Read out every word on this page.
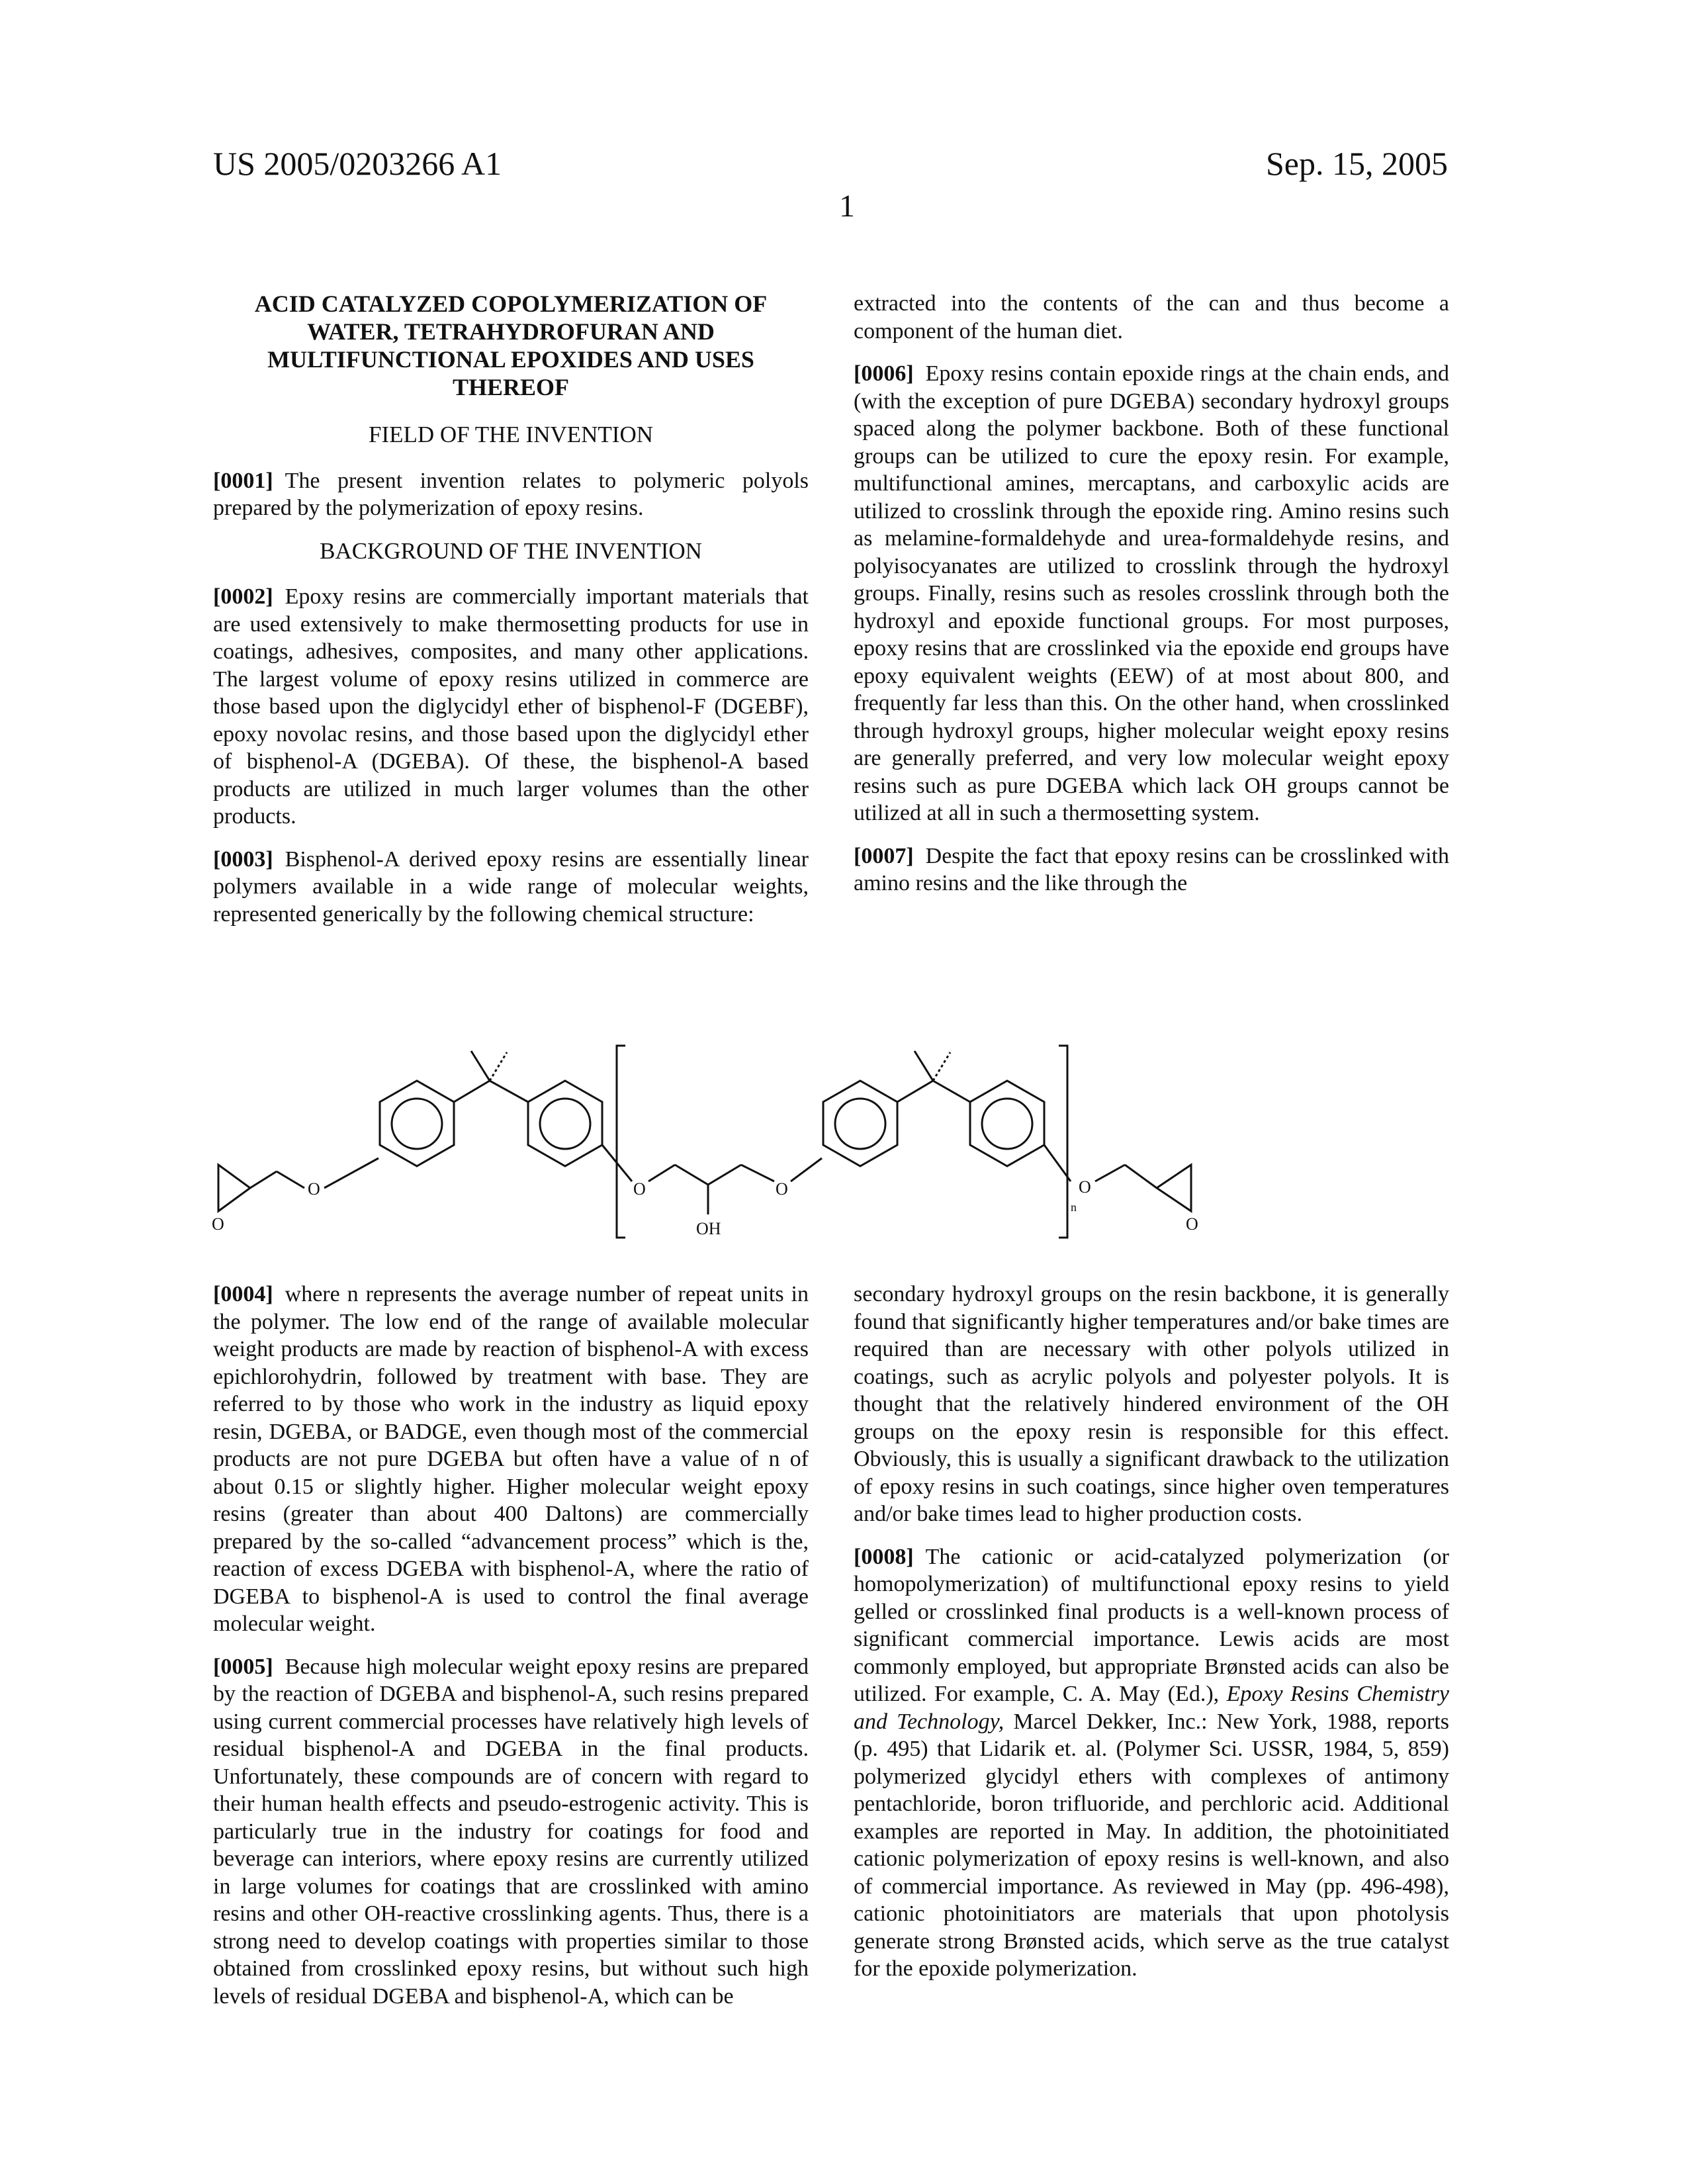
US 2005/0203266 A1	Sep. 15, 2005
1
ACID CATALYZED COPOLYMERIZATION OF WATER, TETRAHYDROFURAN AND MULTIFUNCTIONAL EPOXIDES AND USES THEREOF
FIELD OF THE INVENTION

[0001] The present invention relates to polymeric polyols prepared by the polymerization of epoxy resins.

BACKGROUND OF THE INVENTION

[0002] Epoxy resins are commercially important materials that are used extensively to make thermosetting products for use in coatings, adhesives, composites, and many other applications. The largest volume of epoxy resins utilized in commerce are those based upon the diglycidyl ether of bisphenol-F (DGEBF), epoxy novolac resins, and those based upon the diglycidyl ether of bisphenol-A (DGEBA). Of these, the bisphenol-A based products are utilized in much larger volumes than the other products.

[0003] Bisphenol-A derived epoxy resins are essentially linear polymers available in a wide range of molecular weights, represented generically by the following chemical structure:

extracted into the contents of the can and thus become a component of the human diet.

[0006] Epoxy resins contain epoxide rings at the chain ends, and (with the exception of pure DGEBA) secondary hydroxyl groups spaced along the polymer backbone. Both of these functional groups can be utilized to cure the epoxy resin. For example, multifunctional amines, mercaptans, and carboxylic acids are utilized to crosslink through the epoxide ring. Amino resins such as melamine-formaldehyde and urea-formaldehyde resins, and polyisocyanates are utilized to crosslink through the hydroxyl groups. Finally, resins such as resoles crosslink through both the hydroxyl and epoxide functional groups. For most purposes, epoxy resins that are crosslinked via the epoxide end groups have epoxy equivalent weights (EEW) of at most about 800, and frequently far less than this. On the other hand, when crosslinked through hydroxyl groups, higher molecular weight epoxy resins are generally preferred, and very low molecular weight epoxy resins such as pure DGEBA which lack OH groups cannot be utilized at all in such a thermosetting system.

[0007] Despite the fact that epoxy resins can be crosslinked with amino resins and the like through the

O
O	O	O
OH
n
O
O

[0004] where n represents the average number of repeat units in the polymer. The low end of the range of available molecular weight products are made by reaction of bisphenol-A with excess epichlorohydrin, followed by treatment with base. They are referred to by those who work in the industry as liquid epoxy resin, DGEBA, or BADGE, even though most of the commercial products are not pure DGEBA but often have a value of n of about 0.15 or slightly higher. Higher molecular weight epoxy resins (greater than about 400 Daltons) are commercially prepared by the so-called “advancement process” which is the, reaction of excess DGEBA with bisphenol-A, where the ratio of DGEBA to bisphenol-A is used to control the final average molecular weight.

[0005] Because high molecular weight epoxy resins are prepared by the reaction of DGEBA and bisphenol-A, such resins prepared using current commercial processes have relatively high levels of residual bisphenol-A and DGEBA in the final products. Unfortunately, these compounds are of concern with regard to their human health effects and pseudo-estrogenic activity. This is particularly true in the industry for coatings for food and beverage can interiors, where epoxy resins are currently utilized in large volumes for coatings that are crosslinked with amino resins and other OH-reactive crosslinking agents. Thus, there is a strong need to develop coatings with properties similar to those obtained from crosslinked epoxy resins, but without such high levels of residual DGEBA and bisphenol-A, which can be

secondary hydroxyl groups on the resin backbone, it is generally found that significantly higher temperatures and/or bake times are required than are necessary with other polyols utilized in coatings, such as acrylic polyols and polyester polyols. It is thought that the relatively hindered environment of the OH groups on the epoxy resin is responsible for this effect. Obviously, this is usually a significant drawback to the utilization of epoxy resins in such coatings, since higher oven temperatures and/or bake times lead to higher production costs.

[0008] The cationic or acid-catalyzed polymerization (or homopolymerization) of multifunctional epoxy resins to yield gelled or crosslinked final products is a well-known process of significant commercial importance. Lewis acids are most commonly employed, but appropriate Brønsted acids can also be utilized. For example, C. A. May (Ed.), Epoxy Resins Chemistry and Technology, Marcel Dekker, Inc.: New York, 1988, reports (p. 495) that Lidarik et. al. (Polymer Sci. USSR, 1984, 5, 859) polymerized glycidyl ethers with complexes of antimony pentachloride, boron trifluoride, and perchloric acid. Additional examples are reported in May. In addition, the photoinitiated cationic polymerization of epoxy resins is well-known, and also of commercial importance. As reviewed in May (pp. 496-498), cationic photoinitiators are materials that upon photolysis generate strong Brønsted acids, which serve as the true catalyst for the epoxide polymerization.
